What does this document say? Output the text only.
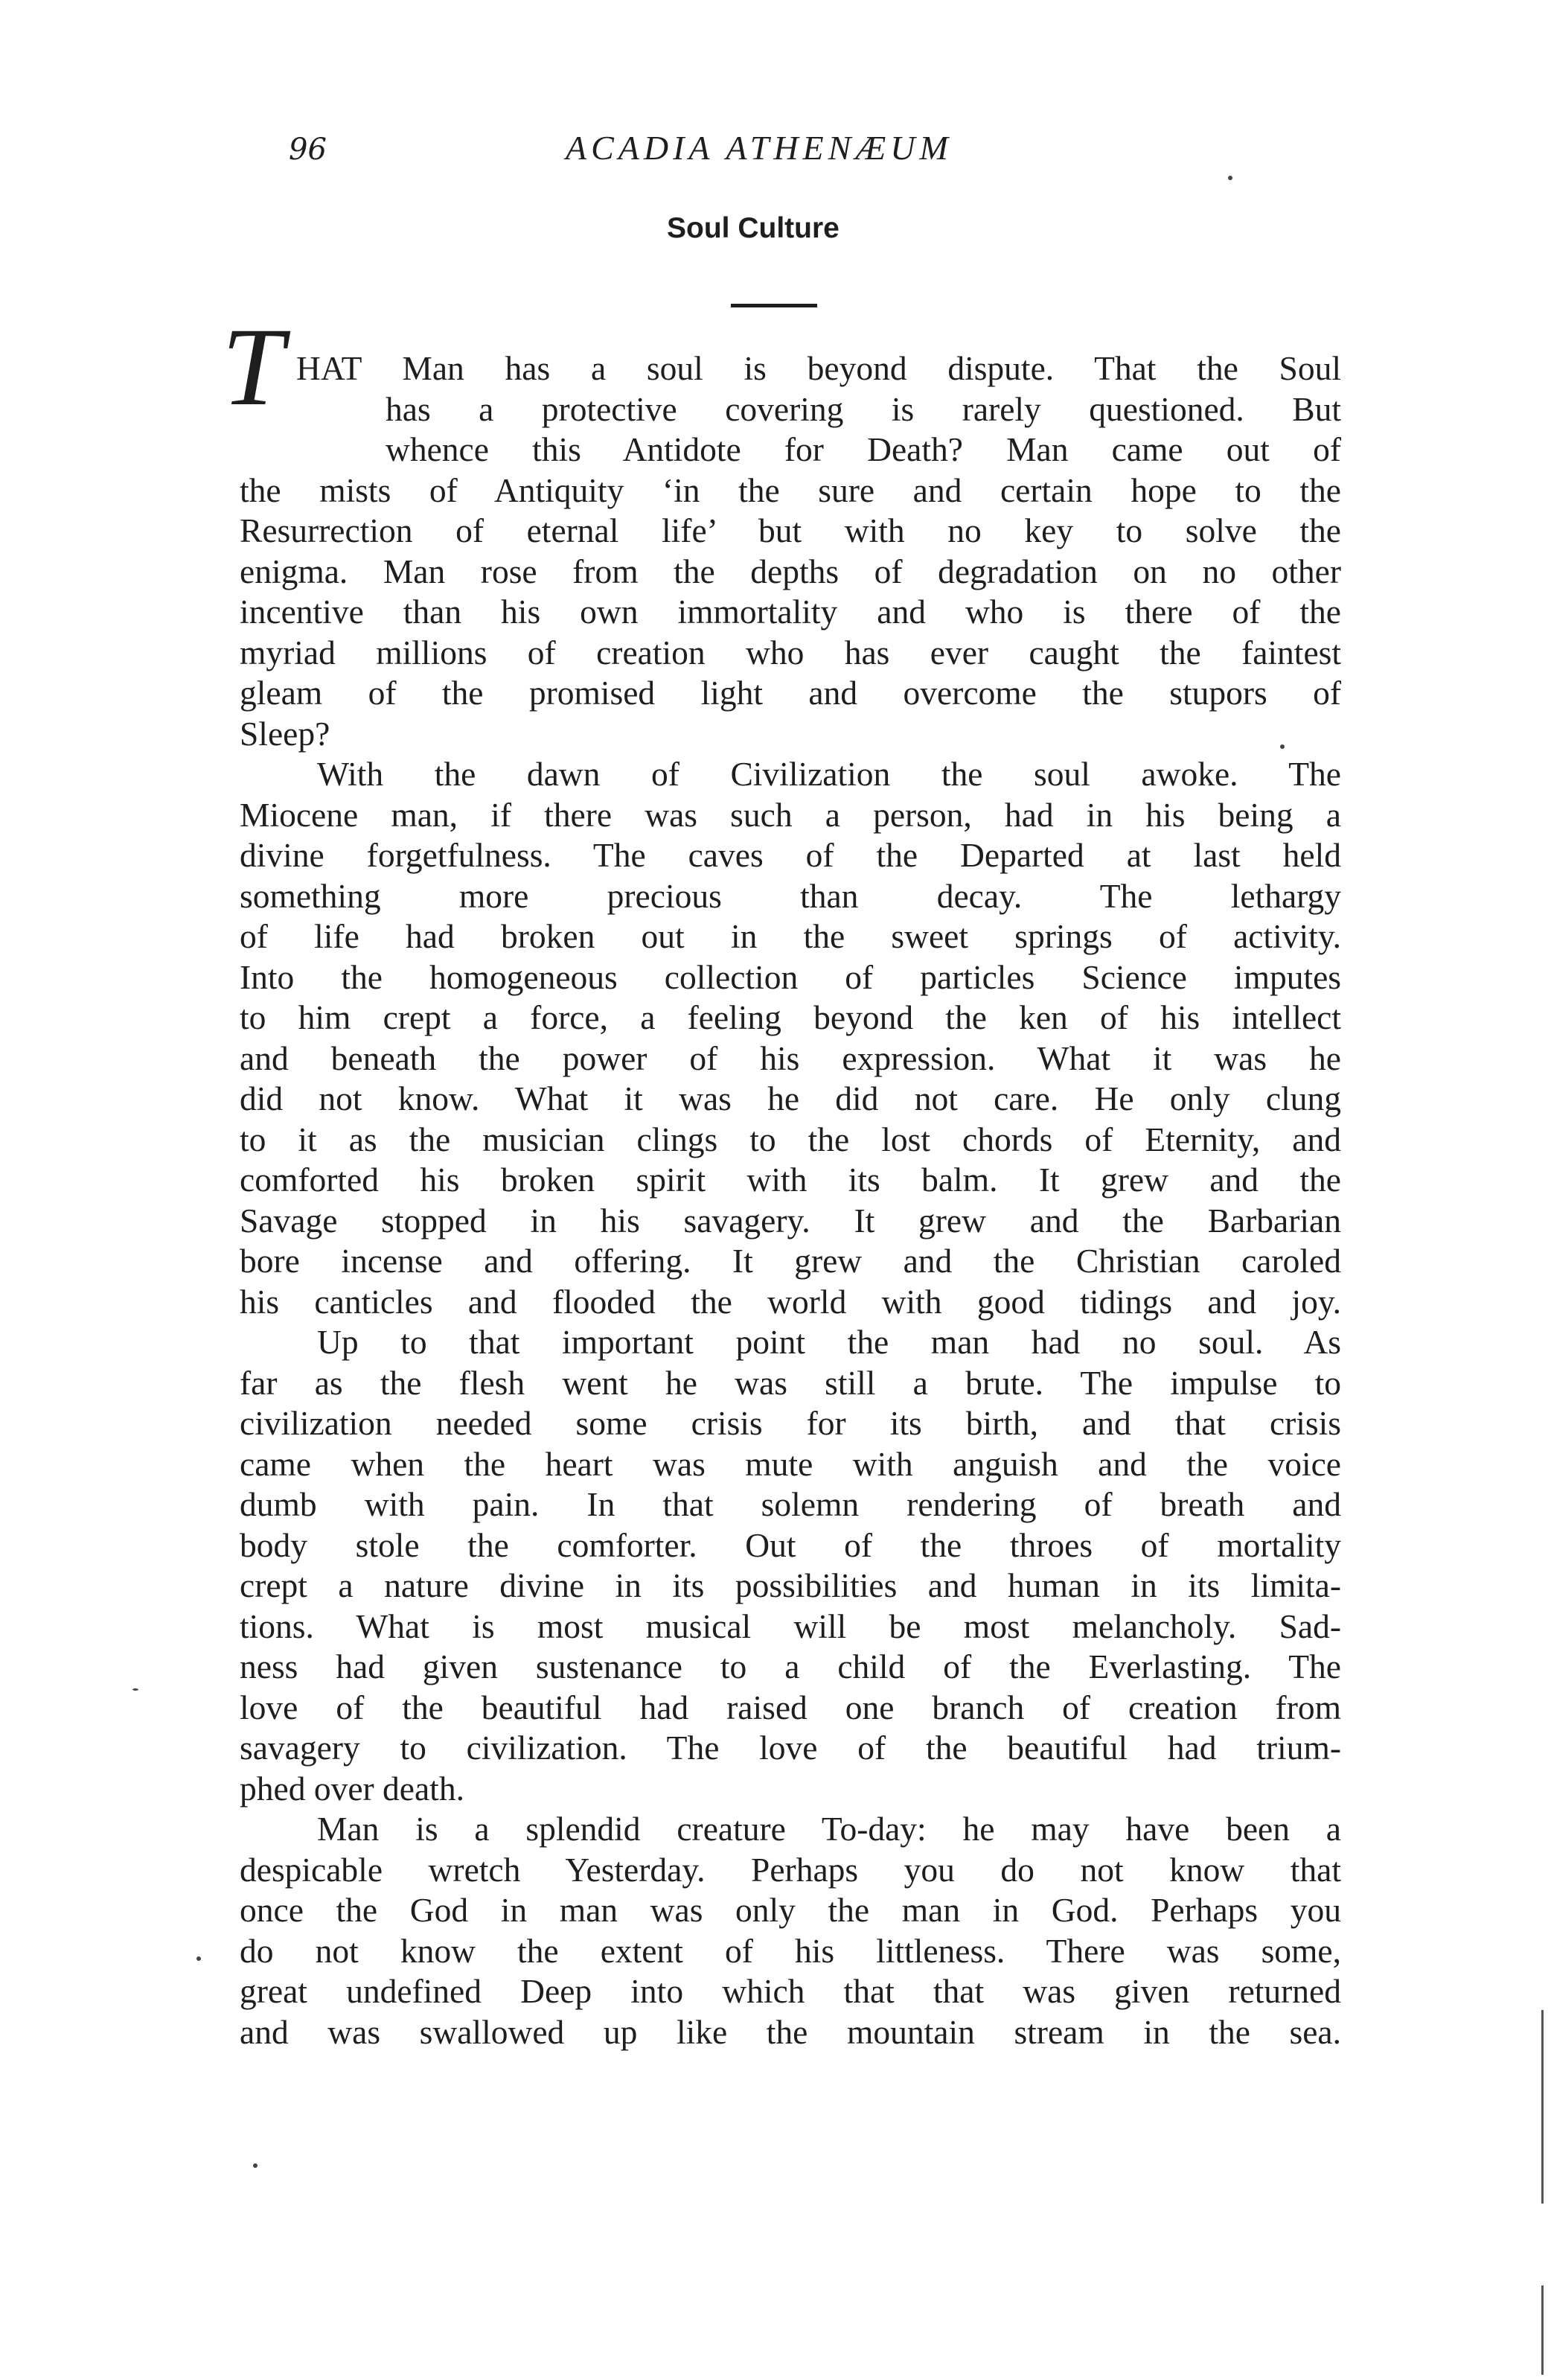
96	ACADIA ATHENÆUM
Soul Culture
T HAT Man has a soul is beyond dispute. That the Soul
has a protective covering is rarely questioned. But
whence this Antidote for Death? Man came out of
the mists of Antiquity ‘in the sure and certain hope to the
Resurrection of eternal life’ but with no key to solve the
enigma. Man rose from the depths of degradation on no other
incentive than his own immortality and who is there of the
myriad millions of creation who has ever caught the faintest
gleam of the promised light and overcome the stupors of
Sleep?
With the dawn of Civilization the soul awoke. The
Miocene man, if there was such a person, had in his being a
divine forgetfulness. The caves of the Departed at last held
something more precious than decay. The lethargy
of life had broken out in the sweet springs of activity.
Into the homogeneous collection of particles Science imputes
to him crept a force, a feeling beyond the ken of his intellect
and beneath the power of his expression. What it was he
did not know. What it was he did not care. He only clung
to it as the musician clings to the lost chords of Eternity, and
comforted his broken spirit with its balm. It grew and the
Savage stopped in his savagery. It grew and the Barbarian
bore incense and offering. It grew and the Christian caroled
his canticles and flooded the world with good tidings and joy.
Up to that important point the man had no soul. As
far as the flesh went he was still a brute. The impulse to
civilization needed some crisis for its birth, and that crisis
came when the heart was mute with anguish and the voice
dumb with pain. In that solemn rendering of breath and
body stole the comforter. Out of the throes of mortality
crept a nature divine in its possibilities and human in its limita-
tions. What is most musical will be most melancholy. Sad-
ness had given sustenance to a child of the Everlasting. The
love of the beautiful had raised one branch of creation from
savagery to civilization. The love of the beautiful had trium-
phed over death.
Man is a splendid creature To-day: he may have been a
despicable wretch Yesterday. Perhaps you do not know that
once the God in man was only the man in God. Perhaps you
do not know the extent of his littleness. There was some,
great undefined Deep into which that that was given returned
and was swallowed up like the mountain stream in the sea.
